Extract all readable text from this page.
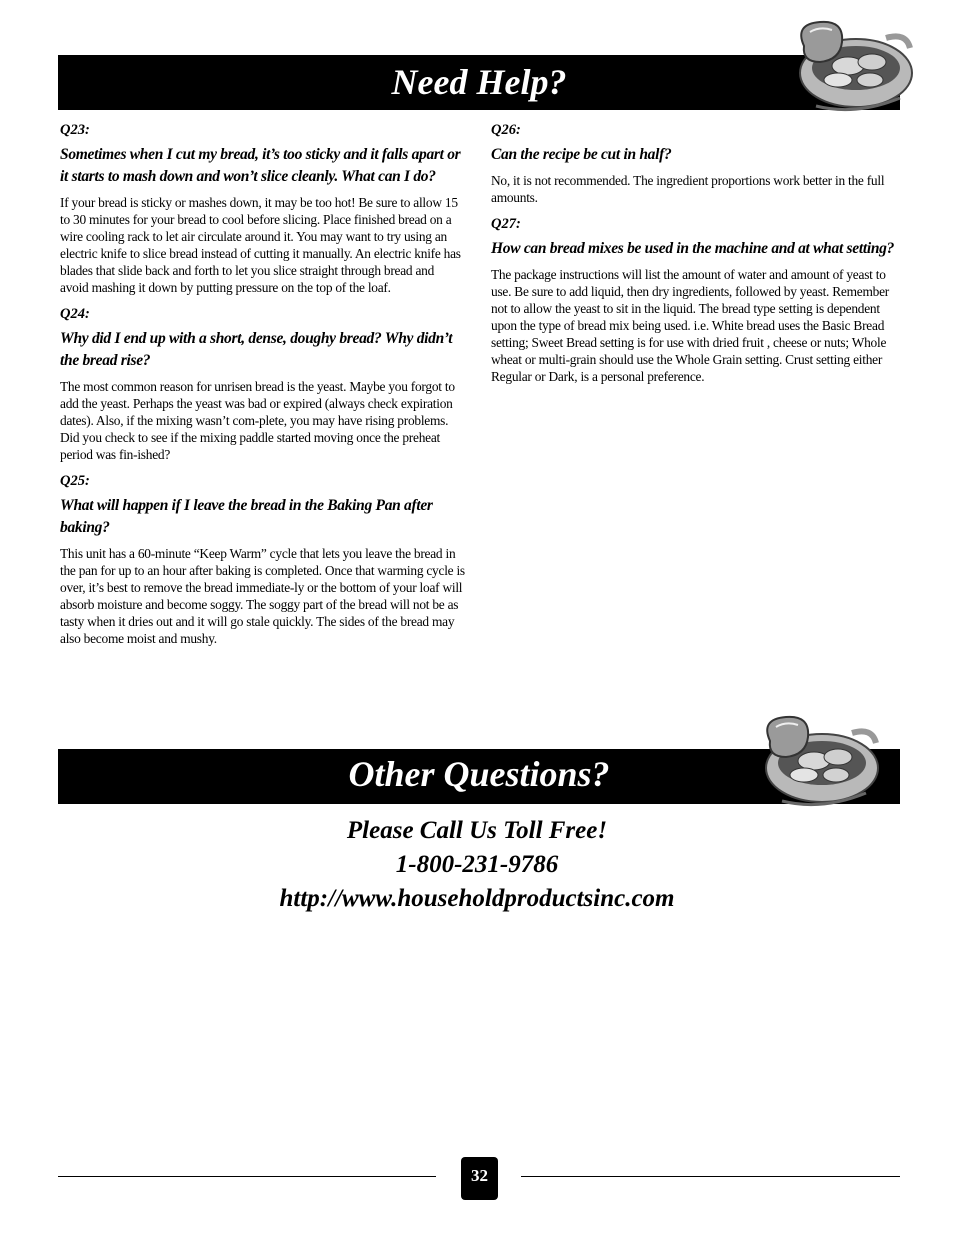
Need Help?

Q23:

Sometimes when I cut my bread, it’s too sticky and it falls apart or it starts to mash down and won’t slice cleanly. What can I do?

If your bread is sticky or mashes down, it may be too hot! Be sure to allow 15 to 30 minutes for your bread to cool before slicing. Place finished bread on a wire cooling rack to let air circulate around it. You may want to try using an electric knife to slice bread instead of cutting it manually. An electric knife has blades that slide back and forth to let you slice straight through bread and avoid mashing it down by putting pressure on the top of the loaf.

Q24:

Why did I end up with a short, dense, doughy bread? Why didn’t the bread rise?

The most common reason for unrisen bread is the yeast. Maybe you forgot to add the yeast. Perhaps the yeast was bad or expired (always check expiration dates). Also, if the mixing wasn’t com-plete, you may have rising problems. Did you check to see if the mixing paddle started moving once the preheat period was fin-ished?

Q25:

What will happen if I leave the bread in the Baking Pan after baking?

This unit has a 60-minute “Keep Warm” cycle that lets you leave the bread in the pan for up to an hour after baking is completed. Once that warming cycle is over, it’s best to remove the bread immediate-ly or the bottom of your loaf will absorb moisture and become soggy. The soggy part of the bread will not be as tasty when it dries out and it will go stale quickly. The sides of the bread may also become moist and mushy.

Q26:

Can the recipe be cut in half?

No, it is not recommended. The ingredient proportions work better in the full amounts.

Q27:

How can bread mixes be used in the machine and at what setting?

The package instructions will list the amount of water and amount of yeast to use. Be sure to add liquid, then dry ingredients, followed by yeast. Remember not to allow the yeast to sit in the liquid. The bread type setting is dependent upon the type of bread mix being used. i.e. White bread uses the Basic Bread setting; Sweet Bread setting is for use with dried fruit , cheese or nuts; Whole wheat or multi-grain should use the Whole Grain setting. Crust setting either Regular or Dark, is a personal preference.

Other Questions?
Please Call Us Toll Free!
1-800-231-9786
http://www.householdproductsinc.com
32
